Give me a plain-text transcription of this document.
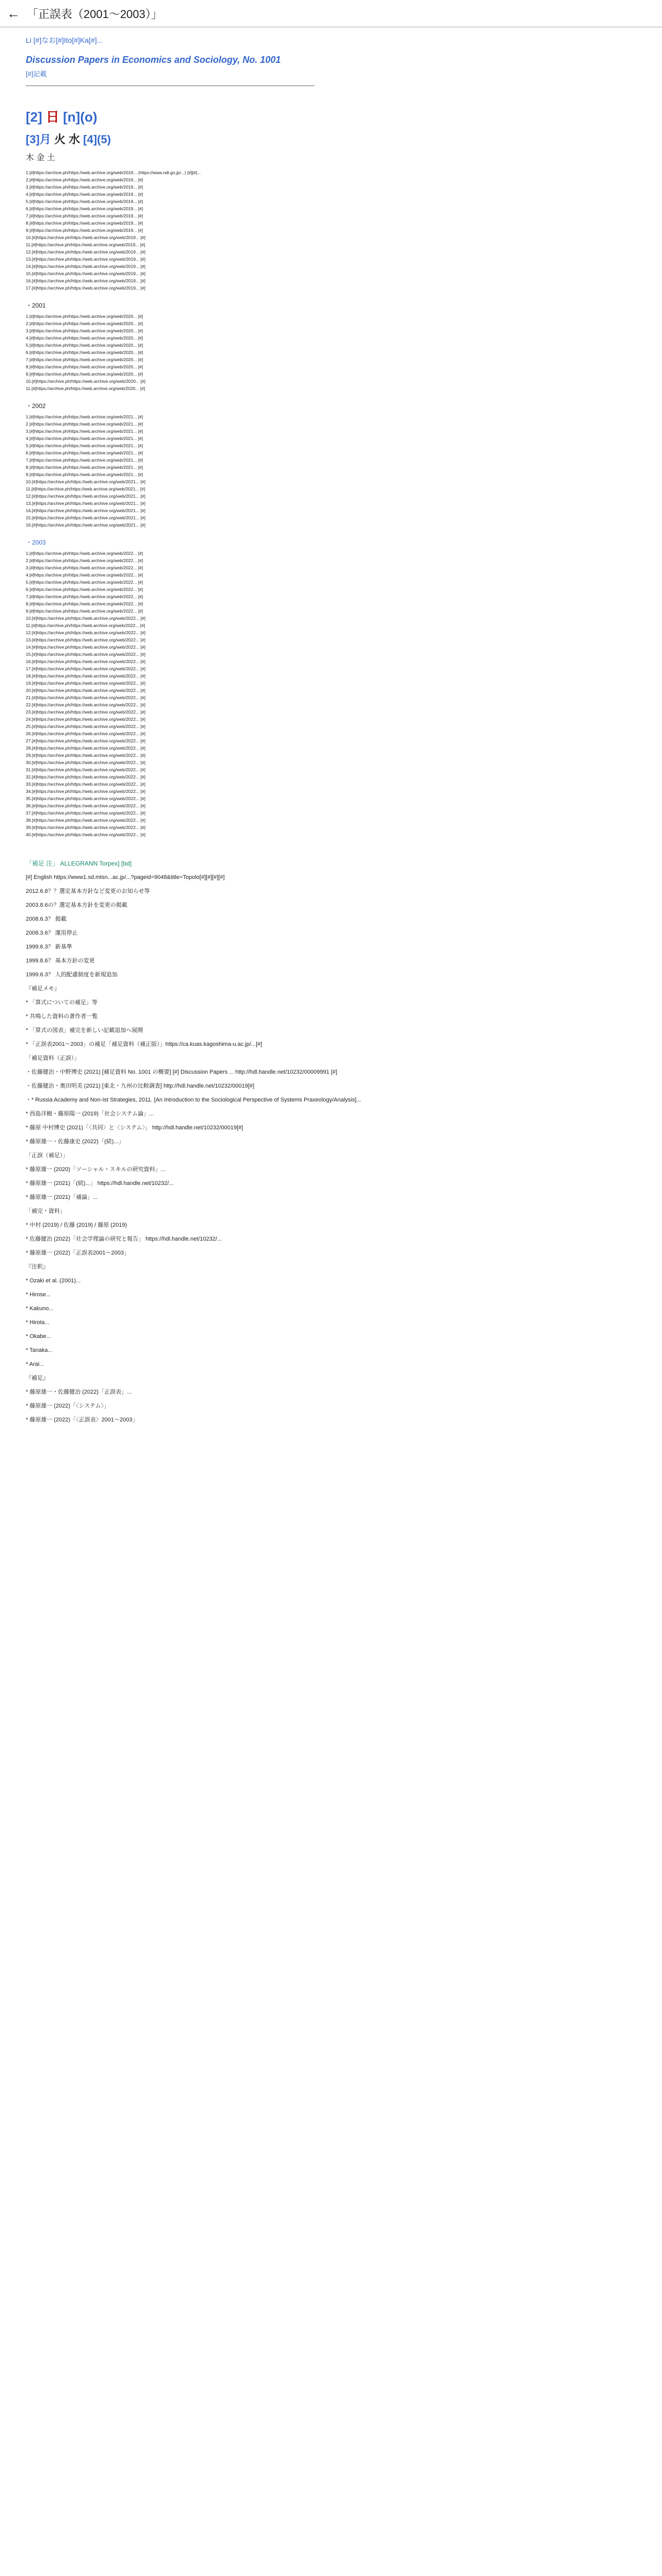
← 「正誤表（2001〜2003）」
Li [#]なお[#]Ito[#]Ka[#]...
Discussion Papers in Economics and Sociology, No. 1001
[#]記載
[2] 日 [n](o)
[3]月 火 水 [4](5)
木 金 土
1.[#]https://archive.ph/https://web.archive.org/web/2019... (https://www.ndl.go.jp/...) [#][#]...
2.[#]https://archive.ph/https://web.archive.org/web/2019... [#]
3.[#]https://archive.ph/https://web.archive.org/web/2019... [#]
4.[#]https://archive.ph/https://web.archive.org/web/2019... [#]
5.[#]https://archive.ph/https://web.archive.org/web/2019... [#]
6.[#]https://archive.ph/https://web.archive.org/web/2019... [#]
7.[#]https://archive.ph/https://web.archive.org/web/2019... [#]
8.[#]https://archive.ph/https://web.archive.org/web/2019... [#]
9.[#]https://archive.ph/https://web.archive.org/web/2019... [#]
10.[#]https://archive.ph/https://web.archive.org/web/2019... [#]
11.[#]https://archive.ph/https://web.archive.org/web/2019... [#]
12.[#]https://archive.ph/https://web.archive.org/web/2019... [#]
13.[#]https://archive.ph/https://web.archive.org/web/2019... [#]
14.[#]https://archive.ph/https://web.archive.org/web/2019... [#]
15.[#]https://archive.ph/https://web.archive.org/web/2019... [#]
16.[#]https://archive.ph/https://web.archive.org/web/2019... [#]
17.[#]https://archive.ph/https://web.archive.org/web/2019... [#]
・2001
1.[#]https://archive.ph/https://web.archive.org/web/2020... [#]
2.[#]https://archive.ph/https://web.archive.org/web/2020... [#]
3.[#]https://archive.ph/https://web.archive.org/web/2020... [#]
4.[#]https://archive.ph/https://web.archive.org/web/2020... [#]
5.[#]https://archive.ph/https://web.archive.org/web/2020... [#]
6.[#]https://archive.ph/https://web.archive.org/web/2020... [#]
7.[#]https://archive.ph/https://web.archive.org/web/2020... [#]
8.[#]https://archive.ph/https://web.archive.org/web/2020... [#]
9.[#]https://archive.ph/https://web.archive.org/web/2020... [#]
10.[#]https://archive.ph/https://web.archive.org/web/2020... [#]
11.[#]https://archive.ph/https://web.archive.org/web/2020... [#]
・2002
1.[#]https://archive.ph/https://web.archive.org/web/2021... [#]
2.[#]https://archive.ph/https://web.archive.org/web/2021... [#]
3.[#]https://archive.ph/https://web.archive.org/web/2021... [#]
4.[#]https://archive.ph/https://web.archive.org/web/2021... [#]
5.[#]https://archive.ph/https://web.archive.org/web/2021... [#]
6.[#]https://archive.ph/https://web.archive.org/web/2021... [#]
7.[#]https://archive.ph/https://web.archive.org/web/2021... [#]
8.[#]https://archive.ph/https://web.archive.org/web/2021... [#]
9.[#]https://archive.ph/https://web.archive.org/web/2021... [#]
10.[#]https://archive.ph/https://web.archive.org/web/2021... [#]
11.[#]https://archive.ph/https://web.archive.org/web/2021... [#]
12.[#]https://archive.ph/https://web.archive.org/web/2021... [#]
13.[#]https://archive.ph/https://web.archive.org/web/2021... [#]
14.[#]https://archive.ph/https://web.archive.org/web/2021... [#]
15.[#]https://archive.ph/https://web.archive.org/web/2021... [#]
16.[#]https://archive.ph/https://web.archive.org/web/2021... [#]
・2003
1.[#]https://archive.ph/https://web.archive.org/web/2022... [#]
2.[#]https://archive.ph/https://web.archive.org/web/2022... [#]
3.[#]https://archive.ph/https://web.archive.org/web/2022... [#]
4.[#]https://archive.ph/https://web.archive.org/web/2022... [#]
5.[#]https://archive.ph/https://web.archive.org/web/2022... [#]
6.[#]https://archive.ph/https://web.archive.org/web/2022... [#]
7.[#]https://archive.ph/https://web.archive.org/web/2022... [#]
8.[#]https://archive.ph/https://web.archive.org/web/2022... [#]
9.[#]https://archive.ph/https://web.archive.org/web/2022... [#]
10.[#]https://archive.ph/https://web.archive.org/web/2022... [#]
11.[#]https://archive.ph/https://web.archive.org/web/2022... [#]
12.[#]https://archive.ph/https://web.archive.org/web/2022... [#]
13.[#]https://archive.ph/https://web.archive.org/web/2022... [#]
14.[#]https://archive.ph/https://web.archive.org/web/2022... [#]
15.[#]https://archive.ph/https://web.archive.org/web/2022... [#]
16.[#]https://archive.ph/https://web.archive.org/web/2022... [#]
17.[#]https://archive.ph/https://web.archive.org/web/2022... [#]
18.[#]https://archive.ph/https://web.archive.org/web/2022... [#]
19.[#]https://archive.ph/https://web.archive.org/web/2022... [#]
20.[#]https://archive.ph/https://web.archive.org/web/2022... [#]
21.[#]https://archive.ph/https://web.archive.org/web/2022... [#]
22.[#]https://archive.ph/https://web.archive.org/web/2022... [#]
23.[#]https://archive.ph/https://web.archive.org/web/2022... [#]
24.[#]https://archive.ph/https://web.archive.org/web/2022... [#]
25.[#]https://archive.ph/https://web.archive.org/web/2022... [#]
26.[#]https://archive.ph/https://web.archive.org/web/2022... [#]
27.[#]https://archive.ph/https://web.archive.org/web/2022... [#]
28.[#]https://archive.ph/https://web.archive.org/web/2022... [#]
29.[#]https://archive.ph/https://web.archive.org/web/2022... [#]
30.[#]https://archive.ph/https://web.archive.org/web/2022... [#]
31.[#]https://archive.ph/https://web.archive.org/web/2022... [#]
32.[#]https://archive.ph/https://web.archive.org/web/2022... [#]
33.[#]https://archive.ph/https://web.archive.org/web/2022... [#]
34.[#]https://archive.ph/https://web.archive.org/web/2022... [#]
35.[#]https://archive.ph/https://web.archive.org/web/2022... [#]
36.[#]https://archive.ph/https://web.archive.org/web/2022... [#]
37.[#]https://archive.ph/https://web.archive.org/web/2022... [#]
38.[#]https://archive.ph/https://web.archive.org/web/2022... [#]
39.[#]https://archive.ph/https://web.archive.org/web/2022... [#]
40.[#]https://archive.ph/https://web.archive.org/web/2022... [#]
「補足 注」 ALLEGRANN Torpex] [bd]
[#] English https://www1.sd.mtsn...ac.jp/...?pageid=9048&title=Topolo[#][#][#][#]
2012.6.8？？選定基本方針など変更のお知らせ等
2003.8.6の？選定基本方針を変更の掲載
2008.6.3？ 掲載
2008.3.6？ 運用停止
1999.6.3？ 新基準
1999.8.6？ 基本方針の変更
1999.6.3？ 人的配慮制度を新規追加
『補足メモ』
* 「算式についての補足」等
* 共鳴した資料の著作者一覧
* 「算式の図表」補完を新しい記載追加へ展開
* 「正誤表2001〜2003」の補足「補足資料（補正版）」https://ca.kuas.kagoshima-u.ac.jp/...[#]
「補足資料（正誤）」
・佐藤健治・中野博史 (2021) [補足資料 No. 1001 の概要] [#] Discussion Papers ... http://hdl.handle.net/10232/00009991 [#]
・佐藤健治・奥田明美 (2021) [東北・九州の比較調査] http://hdl.handle.net/10232/00019[#]
・* Russia Academy and Non-Ist Strategies, 2011. [An Introduction to the Sociological Perspective of Systems Praxeology/Analysis]...
* 西島洋樹・藤原陽一 (2019)「社会システム論」...
* 藤原 中村博史 (2021)「〈共同〉と〈システム〉」 http://hdl.handle.net/10232/00019[#]
* 藤原雄一・佐藤康史 (2022)「(続)...」
「正誤（補足）」
* 藤原雄一 (2020)「ソーシャル・スキルの研究資料」...
* 藤原雄一 (2021)「(続)...」 https://hdl.handle.net/10232/...
* 藤原雄一 (2021)「補論」...
「補完・資料」
* 中村 (2019) / 佐藤 (2019) / 藤原 (2019)
* 佐藤健治 (2022)「社会学理論の研究と報告」 https://hdl.handle.net/10232/...
* 藤原雄一 (2022)「正誤表2001〜2003」
『注釈』
* Ozaki et al. (2001)...
* Hirose...
* Kakuno...
* Hirota...
* Okabe...
* Tanaka...
* Arai...
『補足』
* 藤原雄一・佐藤健治 (2022)「正誤表」...
* 藤原雄一 (2022)「〈システム〉」
* 藤原雄一 (2022)「〈正誤表〉2001〜2003」
